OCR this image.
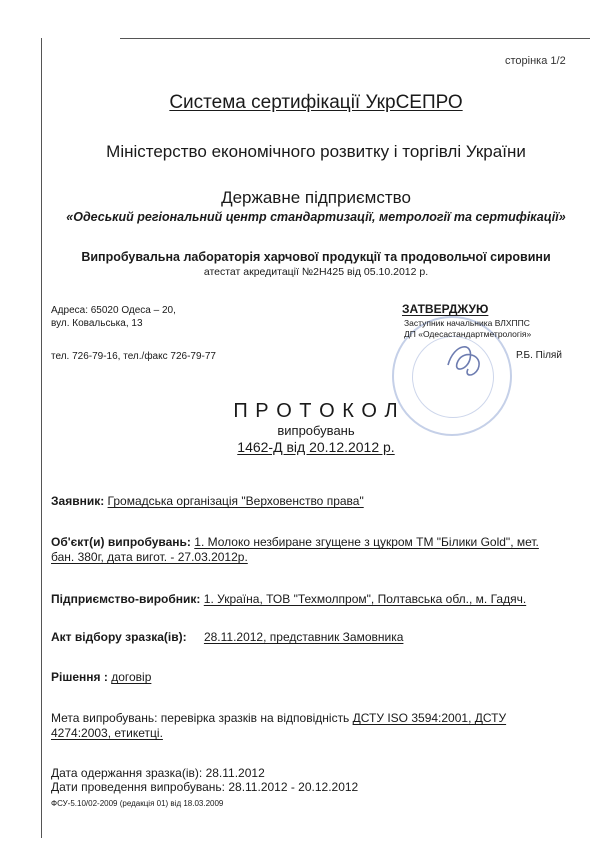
сторінка 1/2
Система сертифікації УкрСЕПРО
Міністерство економічного розвитку і торгівлі України
Державне підприємство
«Одеський регіональний центр стандартизації, метрології та сертифікації»
Випробувальна лабораторія харчової продукції та продовольчої сировини
атестат акредитації №2Н425 від 05.10.2012 р.
Адреса: 65020 Одеса – 20,
вул. Ковальська, 13
тел. 726-79-16, тел./факс 726-79-77
ЗАТВЕРДЖУЮ
Заступник начальника ВЛХППС
ДП «Одесастандартметрологія»
Р.Б. Піляй
П Р О Т О К О Л
випробувань
1462-Д від 20.12.2012 р.
Заявник: Громадська організація "Верховенство права"
Об'єкт(и) випробувань: 1. Молоко незбиране згущене з цукром ТМ "Білики Gold", мет.
бан. 380г, дата вигот. - 27.03.2012р.
Підприємство-виробник: 1. Україна, ТОВ "Техмолпром", Полтавська обл., м. Гадяч.
Акт відбору зразка(ів): 28.11.2012, представник Замовника
Рішення : договір
Мета випробувань: перевірка зразків на відповідність ДСТУ ISO 3594:2001, ДСТУ
4274:2003, етикетці.
Дата одержання зразка(ів): 28.11.2012
Дати проведення випробувань: 28.11.2012 - 20.12.2012
ФСУ-5.10/02-2009 (редакція 01) від 18.03.2009
